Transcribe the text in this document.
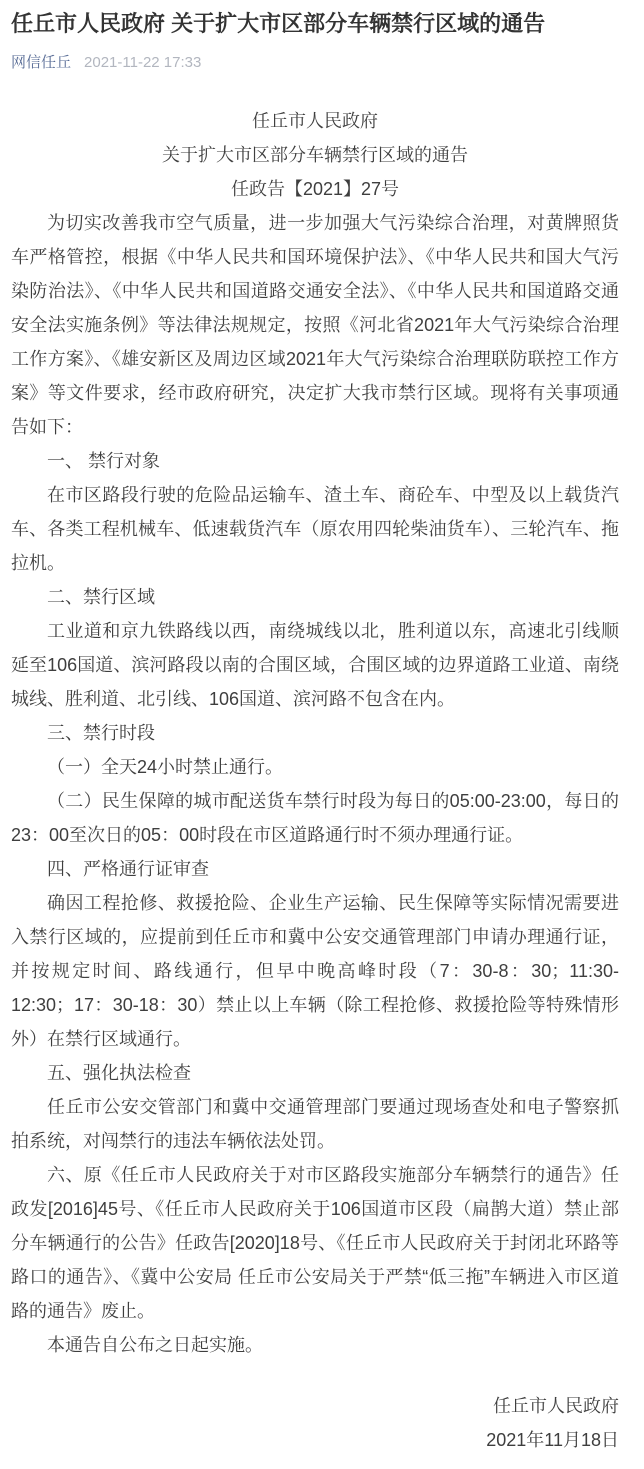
任丘市人民政府 关于扩大市区部分车辆禁行区域的通告
网信任丘 2021-11-22 17:33

任丘市人民政府

关于扩大市区部分车辆禁行区域的通告

任政告【2021】27号

为切实改善我市空气质量，进一步加强大气污染综合治理，对黄牌照货车严格管控，根据《中华人民共和国环境保护法》、《中华人民共和国大气污染防治法》、《中华人民共和国道路交通安全法》、《中华人民共和国道路交通安全法实施条例》等法律法规规定，按照《河北省2021年大气污染综合治理工作方案》、《雄安新区及周边区域2021年大气污染综合治理联防联控工作方案》等文件要求，经市政府研究，决定扩大我市禁行区域。现将有关事项通告如下：

一、 禁行对象

在市区路段行驶的危险品运输车、渣土车、商砼车、中型及以上载货汽车、各类工程机械车、低速载货汽车（原农用四轮柴油货车）、三轮汽车、拖拉机。

二、禁行区域

工业道和京九铁路线以西，南绕城线以北，胜利道以东，高速北引线顺延至106国道、滨河路段以南的合围区域，合围区域的边界道路工业道、南绕城线、胜利道、北引线、106国道、滨河路不包含在内。

三、禁行时段

（一）全天24小时禁止通行。

（二）民生保障的城市配送货车禁行时段为每日的05:00-23:00，每日的23：00至次日的05：00时段在市区道路通行时不须办理通行证。

四、严格通行证审查

确因工程抢修、救援抢险、企业生产运输、民生保障等实际情况需要进入禁行区域的，应提前到任丘市和冀中公安交通管理部门申请办理通行证，并按规定时间、路线通行，但早中晚高峰时段（7：30-8：30；11:30-12:30；17：30-18：30）禁止以上车辆（除工程抢修、救援抢险等特殊情形外）在禁行区域通行。

五、强化执法检查

任丘市公安交管部门和冀中交通管理部门要通过现场查处和电子警察抓拍系统，对闯禁行的违法车辆依法处罚。

六、原《任丘市人民政府关于对市区路段实施部分车辆禁行的通告》任政发[2016]45号、《任丘市人民政府关于106国道市区段（扁鹊大道）禁止部分车辆通行的公告》任政告[2020]18号、《任丘市人民政府关于封闭北环路等路口的通告》、《冀中公安局 任丘市公安局关于严禁“低三拖”车辆进入市区道路的通告》废止。

本通告自公布之日起实施。

任丘市人民政府

2021年11月18日
